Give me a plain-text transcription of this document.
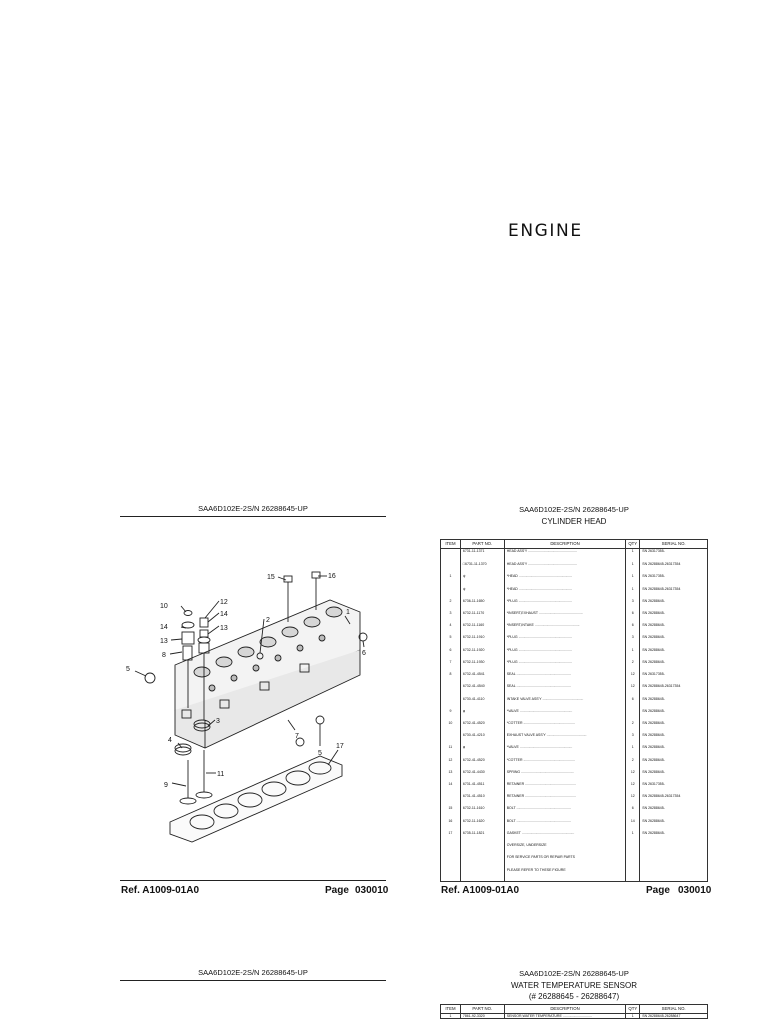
ENGINE
SAA6D102E-2S/N 26288645-UP
15	16
12
10
14
14	13
13
8
2
1
6
5
7
5
4
3
9
11
17
Ref. A1009-01A0	Page 030010
SAA6D102E-2S/N 26288645-UP
CYLINDER HEAD
ITEM	PART NO.	DESCRIPTION	QTY	SERIAL NO.
	6731-11-1371	HEAD ASS'Y ..................................................	1	SN 26317355-
	□6731-11-1370	HEAD ASS'Y ..................................................	1	SN 26288645-26317354
1	ψ	*HEAD .......................................................	1	SN 26317355-
	ψ	*HEAD .......................................................	1	SN 26288645-26317354
2	6736-11-1650	*PLUG .......................................................	3	SN 26288645-
3	6732-11-1170	*INSERT,EXHAUST .............................................	6	SN 26288645-
4	6732-11-1160	*INSERT,INTAKE ..............................................	6	SN 26288645-
5	6732-11-1910	*PLUG .......................................................	3	SN 26288645-
6	6732-11-1920	*PLUG .......................................................	1	SN 26288645-
7	6732-11-1930	*PLUG .......................................................	2	SN 26288645-
8	6732-41-4541	SEAL ........................................................	12	SN 26317355-
	6732-41-4540	SEAL ........................................................	12	SN 26288645-26317354
	6730-41-4110	INTAKE VALVE ASS'Y ..........................................	6	SN 26288645-
9	φ	*VALVE ......................................................		SN 26288645-
10	6732-41-4520	*COTTER .....................................................	2	SN 26288645-
	6730-41-4210	EXHAUST VALVE ASS'Y .........................................	3	SN 26288645-
11	φ	*VALVE ......................................................	1	SN 26288645-
12	6732-41-4520	*COTTER .....................................................	2	SN 26288645-
13	6732-41-4430	SPRING ......................................................	12	SN 26288645-
14	6731-41-4511	RETAINER ....................................................	12	SN 26317355-
	6731-41-4510	RETAINER ....................................................	12	SN 26288645-26317354
15	6732-11-1610	BOLT ........................................................	6	SN 26288645-
16	6732-11-1620	BOLT ........................................................	14	SN 26288645-
17	6735-11-1821	GASKET ......................................................	1	SN 26288645-
		OVERSIZE, UNDERSIZE		
		FOR SERVICE PARTS OR REPAIR PARTS		
		PLEASE REFER TO THESE FIGURE		

Ref. A1009-01A0	Page 030010
SAA6D102E-2S/N 26288645-UP	SAA6D102E-2S/N 26288645-UP
WATER TEMPERATURE SENSOR
(# 26288645 - 26288647)
ITEM	PART NO.	DESCRIPTION	QTY	SERIAL NO.
1	7861-92-3320	SENSOR,WATER TEMPERATURE ..............................	1	SN 26288645-26288647
